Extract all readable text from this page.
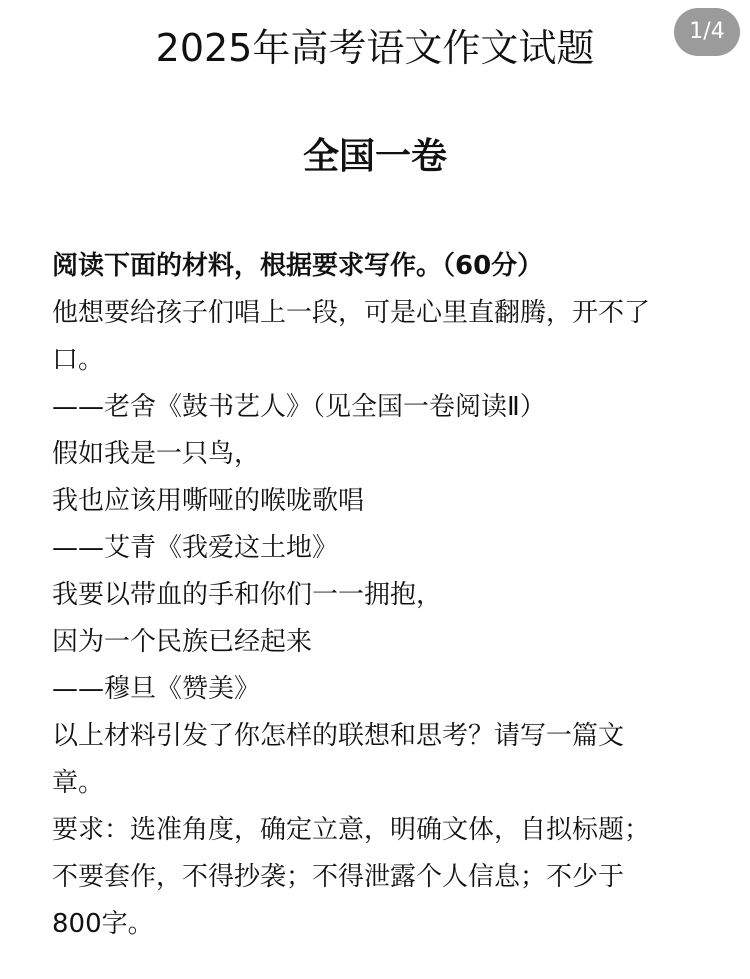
2025年高考语文作文试题	1/4
全国一卷
阅读下面的材料，根据要求写作。（60分）
他想要给孩子们唱上一段，可是心里直翻腾，开不了
口。
——老舍《鼓书艺人》（见全国一卷阅读Ⅱ）
假如我是一只鸟，
我也应该用嘶哑的喉咙歌唱
——艾青《我爱这土地》
我要以带血的手和你们一一拥抱，
因为一个民族已经起来
——穆旦《赞美》
以上材料引发了你怎样的联想和思考？请写一篇文
章。
要求：选准角度，确定立意，明确文体，自拟标题；
不要套作，不得抄袭；不得泄露个人信息；不少于
800字。
